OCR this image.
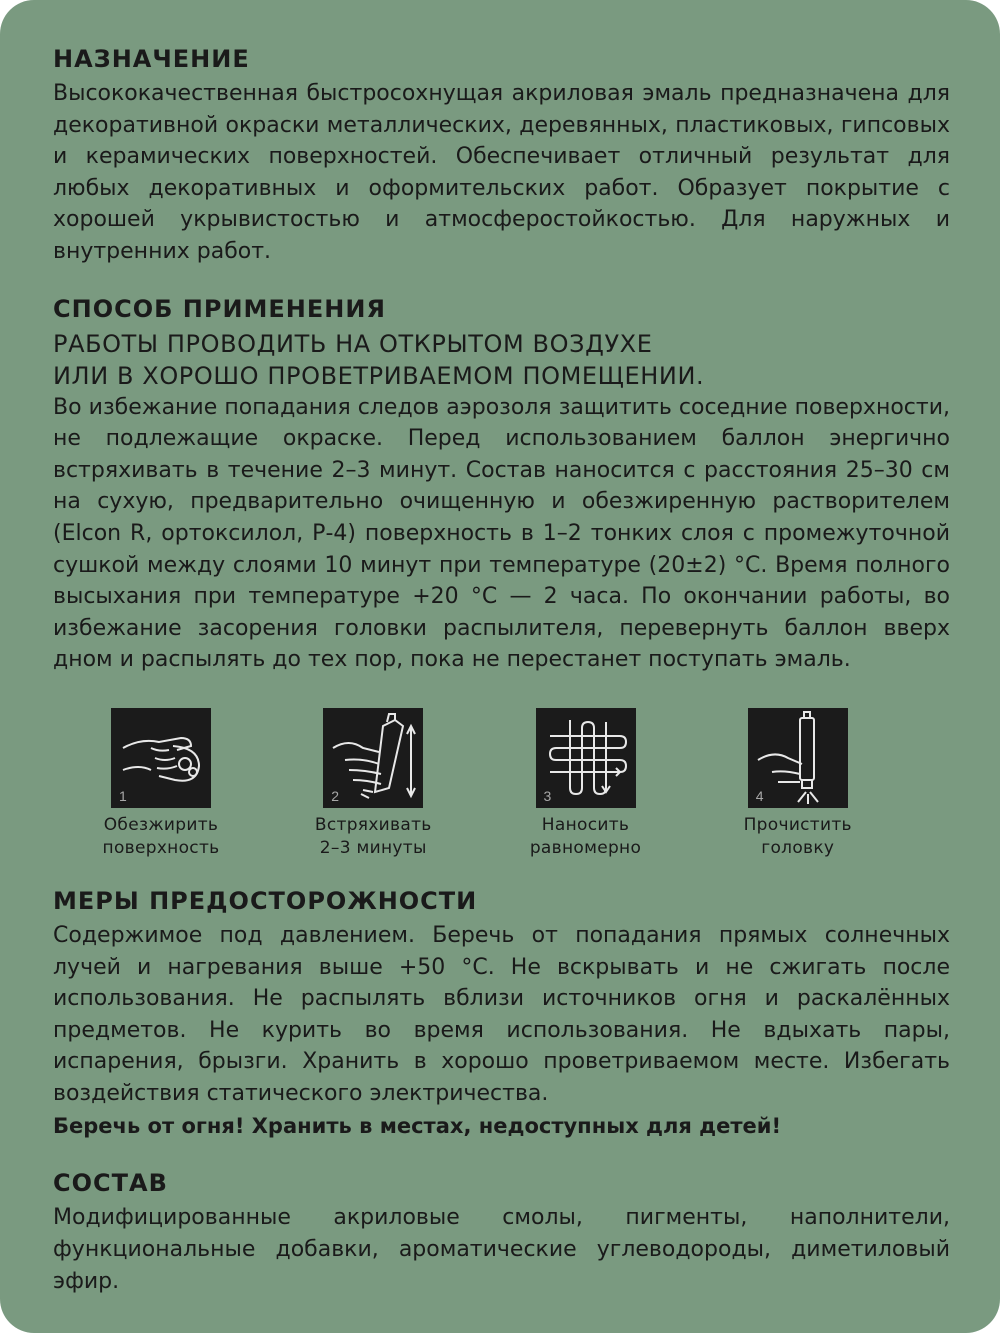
НАЗНАЧЕНИЕ

Высококачественная быстросохнущая акриловая эмаль предназначена для декоративной окраски металлических, деревянных, пластиковых, гипсовых и керамических поверхностей. Обеспечивает отличный результат для любых декоративных и оформительских работ. Образует покрытие с хорошей укрывистостью и атмосферостойкостью. Для наружных и внутренних работ.

СПОСОБ ПРИМЕНЕНИЯ
РАБОТЫ ПРОВОДИТЬ НА ОТКРЫТОМ ВОЗДУХЕ
ИЛИ В ХОРОШО ПРОВЕТРИВАЕМОМ ПОМЕЩЕНИИ.

Во избежание попадания следов аэрозоля защитить соседние поверхности, не подлежащие окраске. Перед использованием баллон энергично встряхивать в течение 2–3 минут. Состав наносится с расстояния 25–30 см на сухую, предварительно очищенную и обезжиренную растворителем (Elcon R, ортоксилол, Р-4) поверхность в 1–2 тонких слоя с промежуточной сушкой между слоями 10 минут при температуре (20±2) °С. Время полного высыхания при температуре +20 °С — 2 часа. По окончании работы, во избежание засорения головки распылителя, перевернуть баллон вверх дном и распылять до тех пор, пока не перестанет поступать эмаль.

1
Обезжирить
поверхность
2
Встряхивать
2–3 минуты
3
Наносить
равномерно
4
Прочистить
головку
МЕРЫ ПРЕДОСТОРОЖНОСТИ

Содержимое под давлением. Беречь от попадания прямых солнечных лучей и нагревания выше +50 °С. Не вскрывать и не сжигать после использования. Не распылять вблизи источников огня и раскалённых предметов. Не курить во время использования. Не вдыхать пары, испарения, брызги. Хранить в хорошо проветриваемом месте. Избегать воздействия статического электричества.

Беречь от огня! Хранить в местах, недоступных для детей!
СОСТАВ

Модифицированные акриловые смолы, пигменты, наполнители, функциональные добавки, ароматические углеводороды, диметиловый эфир.
